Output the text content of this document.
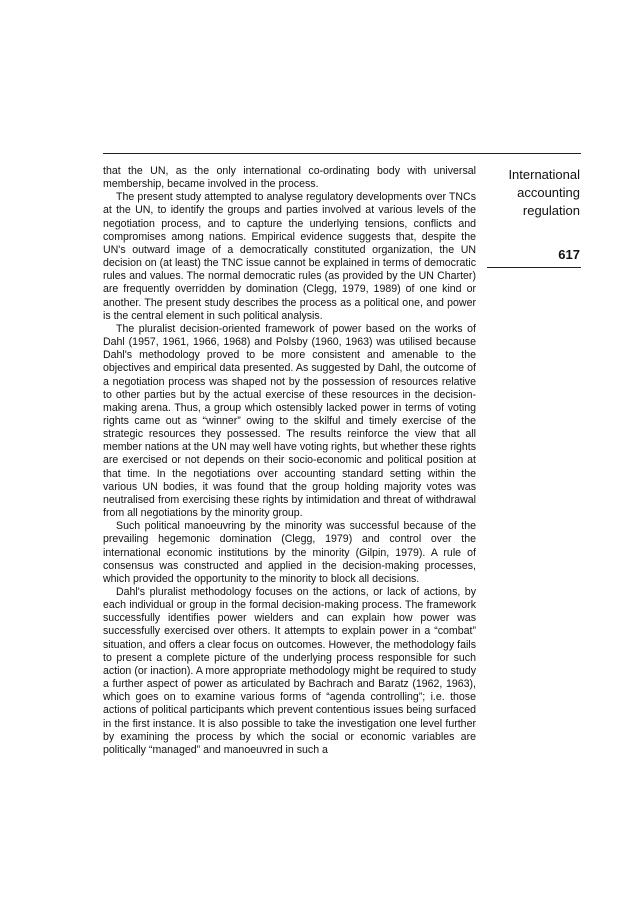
International
accounting
regulation
617

that the UN, as the only international co-ordinating body with universal membership, became involved in the process.

The present study attempted to analyse regulatory developments over TNCs at the UN, to identify the groups and parties involved at various levels of the negotiation process, and to capture the underlying tensions, conflicts and compromises among nations. Empirical evidence suggests that, despite the UN's outward image of a democratically constituted organization, the UN decision on (at least) the TNC issue cannot be explained in terms of democratic rules and values. The normal democratic rules (as provided by the UN Charter) are frequently overridden by domination (Clegg, 1979, 1989) of one kind or another. The present study describes the process as a political one, and power is the central element in such political analysis.

The pluralist decision-oriented framework of power based on the works of Dahl (1957, 1961, 1966, 1968) and Polsby (1960, 1963) was utilised because Dahl's methodology proved to be more consistent and amenable to the objectives and empirical data presented. As suggested by Dahl, the outcome of a negotiation process was shaped not by the possession of resources relative to other parties but by the actual exercise of these resources in the decision-making arena. Thus, a group which ostensibly lacked power in terms of voting rights came out as “winner” owing to the skilful and timely exercise of the strategic resources they possessed. The results reinforce the view that all member nations at the UN may well have voting rights, but whether these rights are exercised or not depends on their socio-economic and political position at that time. In the negotiations over accounting standard setting within the various UN bodies, it was found that the group holding majority votes was neutralised from exercising these rights by intimidation and threat of withdrawal from all negotiations by the minority group.

Such political manoeuvring by the minority was successful because of the prevailing hegemonic domination (Clegg, 1979) and control over the international economic institutions by the minority (Gilpin, 1979). A rule of consensus was constructed and applied in the decision-making processes, which provided the opportunity to the minority to block all decisions.

Dahl's pluralist methodology focuses on the actions, or lack of actions, by each individual or group in the formal decision-making process. The framework successfully identifies power wielders and can explain how power was successfully exercised over others. It attempts to explain power in a “combat” situation, and offers a clear focus on outcomes. However, the methodology fails to present a complete picture of the underlying process responsible for such action (or inaction). A more appropriate methodology might be required to study a further aspect of power as articulated by Bachrach and Baratz (1962, 1963), which goes on to examine various forms of “agenda controlling”; i.e. those actions of political participants which prevent contentious issues being surfaced in the first instance. It is also possible to take the investigation one level further by examining the process by which the social or economic variables are politically “managed” and manoeuvred in such a
